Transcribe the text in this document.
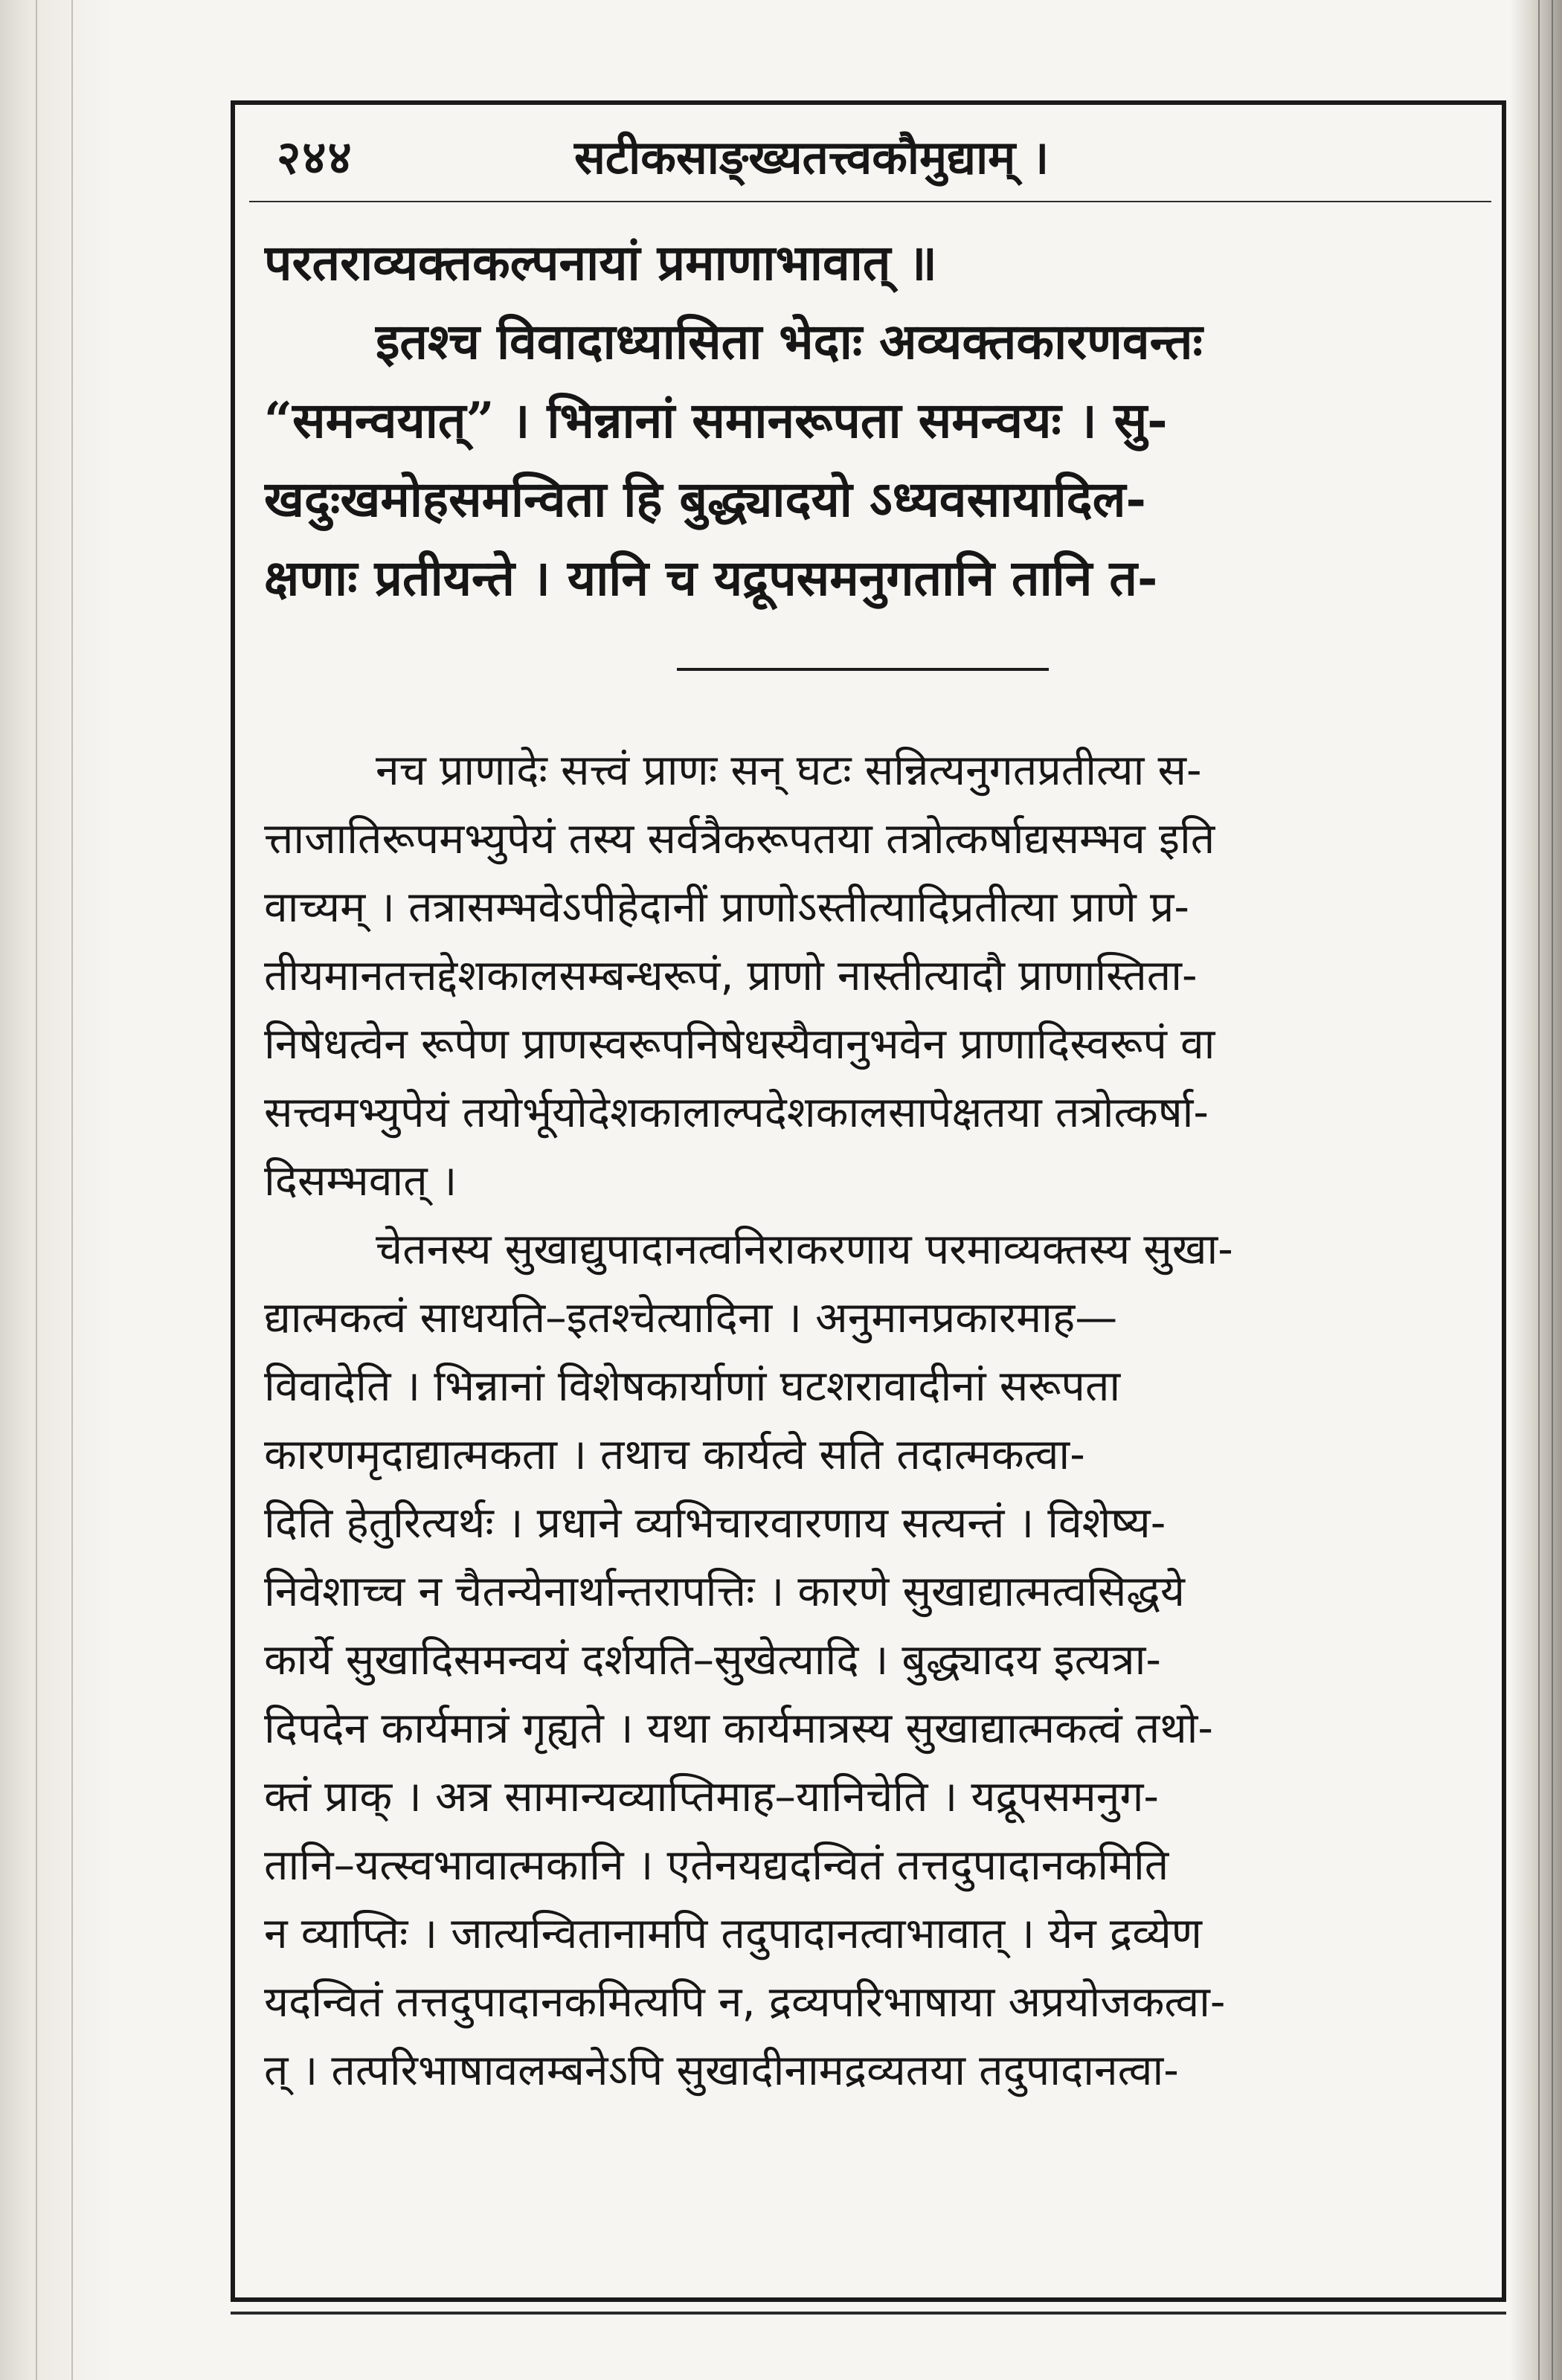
२४४	सटीकसाङ्ख्यतत्त्वकौमुद्याम् ।

परतराव्यक्तकल्पनायां प्रमाणाभावात् ॥

इतश्च विवादाध्यासिता भेदाः अव्यक्तकारणवन्तः

“समन्वयात्” । भिन्नानां समानरूपता समन्वयः । सु-

खदुःखमोहसमन्विता हि बुद्ध्यादयो ऽध्यवसायादिल-

क्षणाः प्रतीयन्ते । यानि च यद्रूपसमनुगतानि तानि त-

नच प्राणादेः सत्त्वं प्राणः सन् घटः सन्नित्यनुगतप्रतीत्या स-

त्ताजातिरूपमभ्युपेयं तस्य सर्वत्रैकरूपतया तत्रोत्कर्षाद्यसम्भव इति

वाच्यम् । तत्रासम्भवेऽपीहेदानीं प्राणोऽस्तीत्यादिप्रतीत्या प्राणे प्र-

तीयमानतत्तद्देशकालसम्बन्धरूपं, प्राणो नास्तीत्यादौ प्राणास्तिता-

निषेधत्वेन रूपेण प्राणस्वरूपनिषेधस्यैवानुभवेन प्राणादिस्वरूपं वा

सत्त्वमभ्युपेयं तयोर्भूयोदेशकालाल्पदेशकालसापेक्षतया तत्रोत्कर्षा-

दिसम्भवात् ।

चेतनस्य सुखाद्युपादानत्वनिराकरणाय परमाव्यक्तस्य सुखा-

द्यात्मकत्वं साधयति–इतश्चेत्यादिना । अनुमानप्रकारमाह—

विवादेति । भिन्नानां विशेषकार्याणां घटशरावादीनां सरूपता

कारणमृदाद्यात्मकता । तथाच कार्यत्वे सति तदात्मकत्वा-

दिति हेतुरित्यर्थः । प्रधाने व्यभिचारवारणाय सत्यन्तं । विशेष्य-

निवेशाच्च न चैतन्येनार्थान्तरापत्तिः । कारणे सुखाद्यात्मत्वसिद्धये

कार्ये सुखादिसमन्वयं दर्शयति–सुखेत्यादि । बुद्ध्यादय इत्यत्रा-

दिपदेन कार्यमात्रं गृह्यते । यथा कार्यमात्रस्य सुखाद्यात्मकत्वं तथो-

क्तं प्राक् । अत्र सामान्यव्याप्तिमाह–यानिचेति । यद्रूपसमनुग-

तानि–यत्स्वभावात्मकानि । एतेनयद्यदन्वितं तत्तदुपादानकमिति

न व्याप्तिः । जात्यन्वितानामपि तदुपादानत्वाभावात् । येन द्रव्येण

यदन्वितं तत्तदुपादानकमित्यपि न, द्रव्यपरिभाषाया अप्रयोजकत्वा-

त् । तत्परिभाषावलम्बनेऽपि सुखादीनामद्रव्यतया तदुपादानत्वा-
